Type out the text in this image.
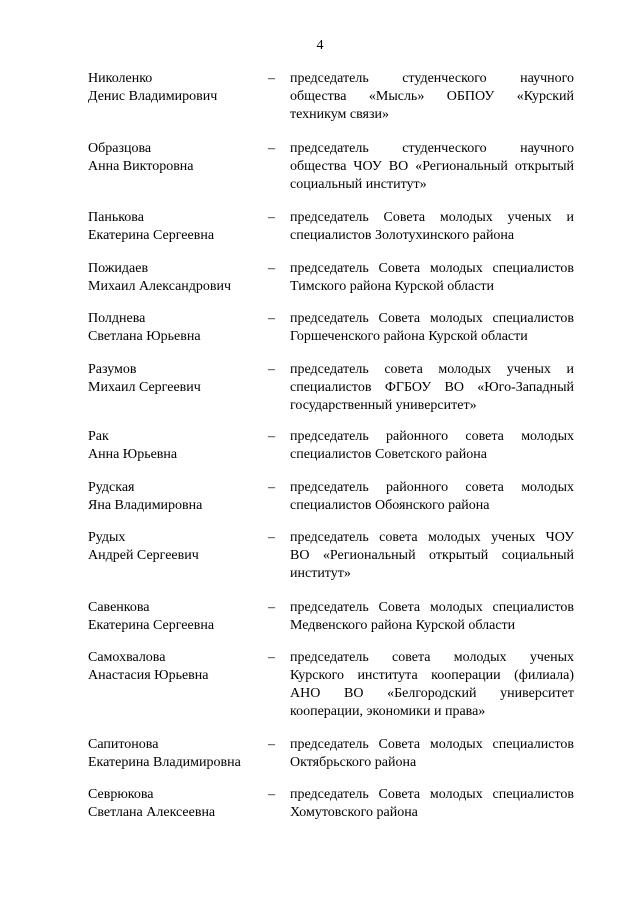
4
Николенко
Денис Владимирович
– председатель студенческого научного
общества «Мысль» ОБПОУ «Курский
техникум связи»
Образцова
Анна Викторовна
– председатель студенческого научного
общества ЧОУ ВО «Региональный открытый
социальный институт»
Панькова
Екатерина Сергеевна
– председатель Совета молодых ученых и
специалистов Золотухинского района
Пожидаев
Михаил Александрович
– председатель Совета молодых специалистов
Тимского района Курской области
Полднева
Светлана Юрьевна
– председатель Совета молодых специалистов
Горшеченского района Курской области
Разумов
Михаил Сергеевич
– председатель совета молодых ученых и
специалистов ФГБОУ ВО «Юго-Западный
государственный университет»
Рак
Анна Юрьевна
– председатель районного совета молодых
специалистов Советского района
Рудская
Яна Владимировна
– председатель районного совета молодых
специалистов Обоянского района
Рудых
Андрей Сергеевич
– председатель совета молодых ученых ЧОУ
ВО «Региональный открытый социальный
институт»
Савенкова
Екатерина Сергеевна
– председатель Совета молодых специалистов
Медвенского района Курской области
Самохвалова
Анастасия Юрьевна
– председатель совета молодых ученых
Курского института кооперации (филиала)
АНО ВО «Белгородский университет
кооперации, экономики и права»
Сапитонова
Екатерина Владимировна
– председатель Совета молодых специалистов
Октябрьского района
Севрюкова
Светлана Алексеевна
– председатель Совета молодых специалистов
Хомутовского района
